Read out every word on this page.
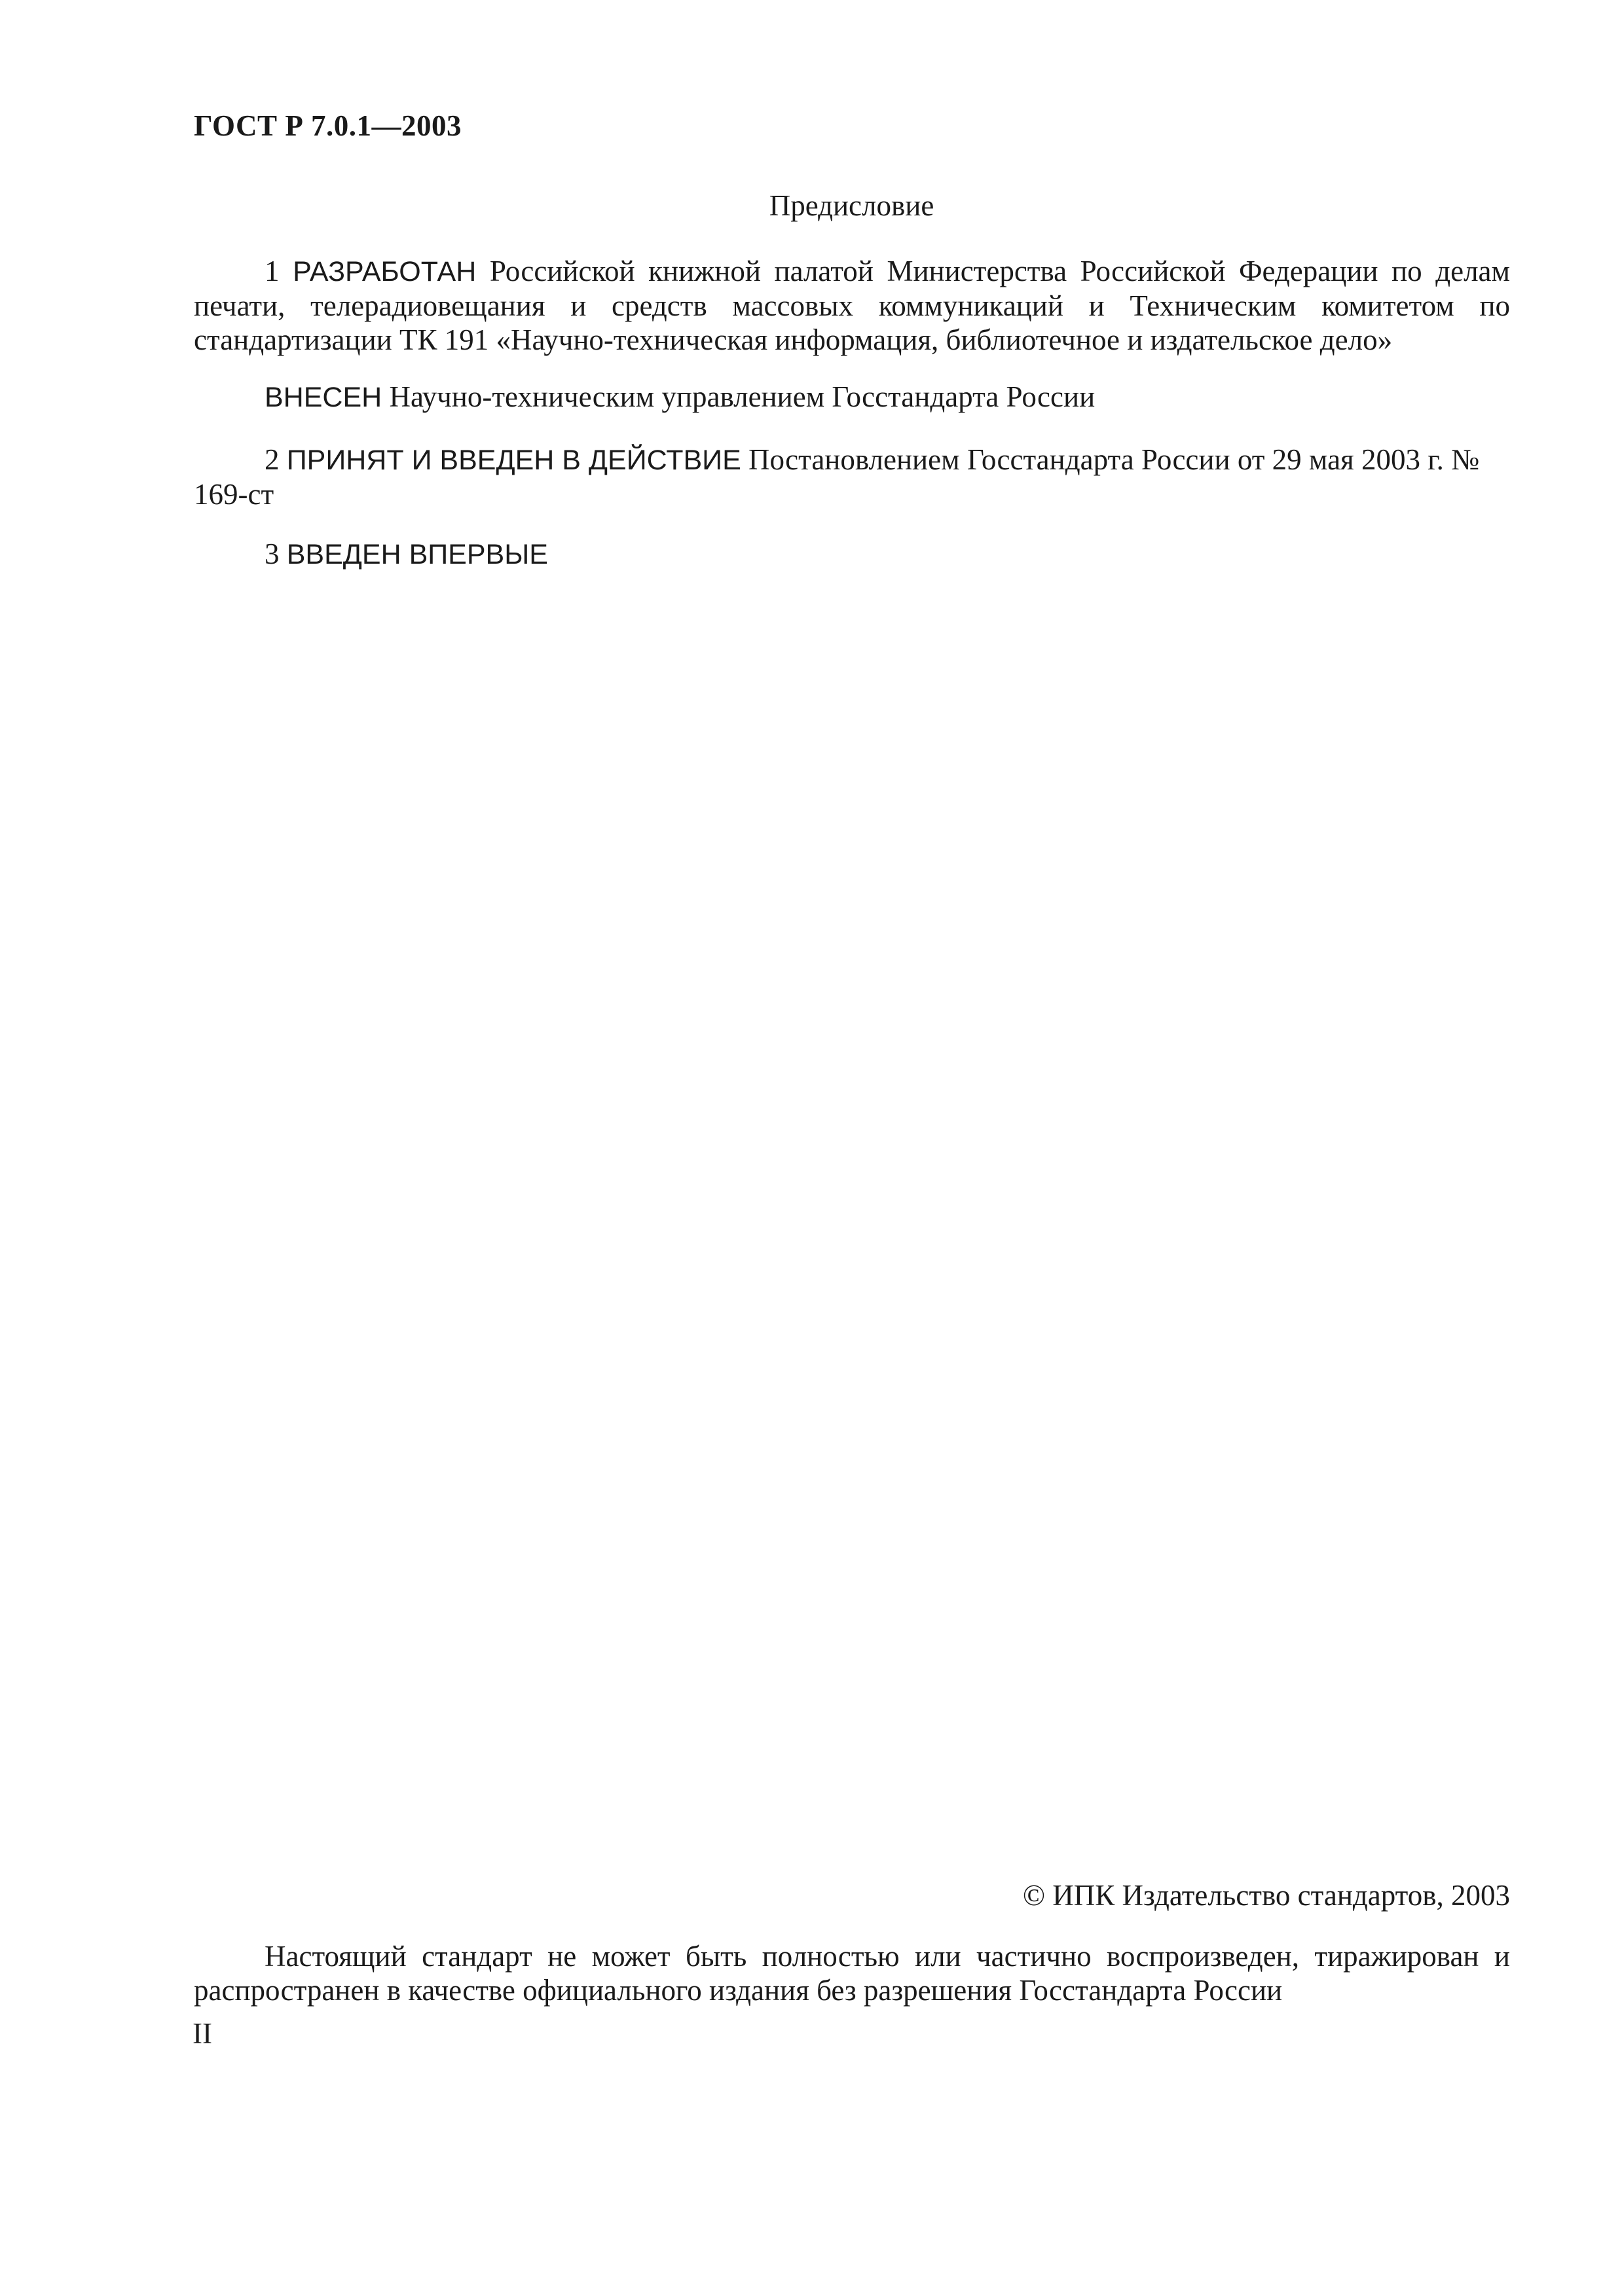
ГОСТ Р 7.0.1—2003
Предисловие
1 РАЗРАБОТАН Российской книжной палатой Министерства Российской Федерации по делам печати, телерадиовещания и средств массовых коммуникаций и Техническим комитетом по стандартизации ТК 191 «Научно-техническая информация, библиотечное и издательское дело»
ВНЕСЕН Научно-техническим управлением Госстандарта России
2 ПРИНЯТ И ВВЕДЕН В ДЕЙСТВИЕ Постановлением Госстандарта России от 29 мая 2003 г. № 169-ст
3 ВВЕДЕН ВПЕРВЫЕ
© ИПК Издательство стандартов, 2003
Настоящий стандарт не может быть полностью или частично воспроизведен, тиражирован и распространен в качестве официального издания без разрешения Госстандарта России
II
